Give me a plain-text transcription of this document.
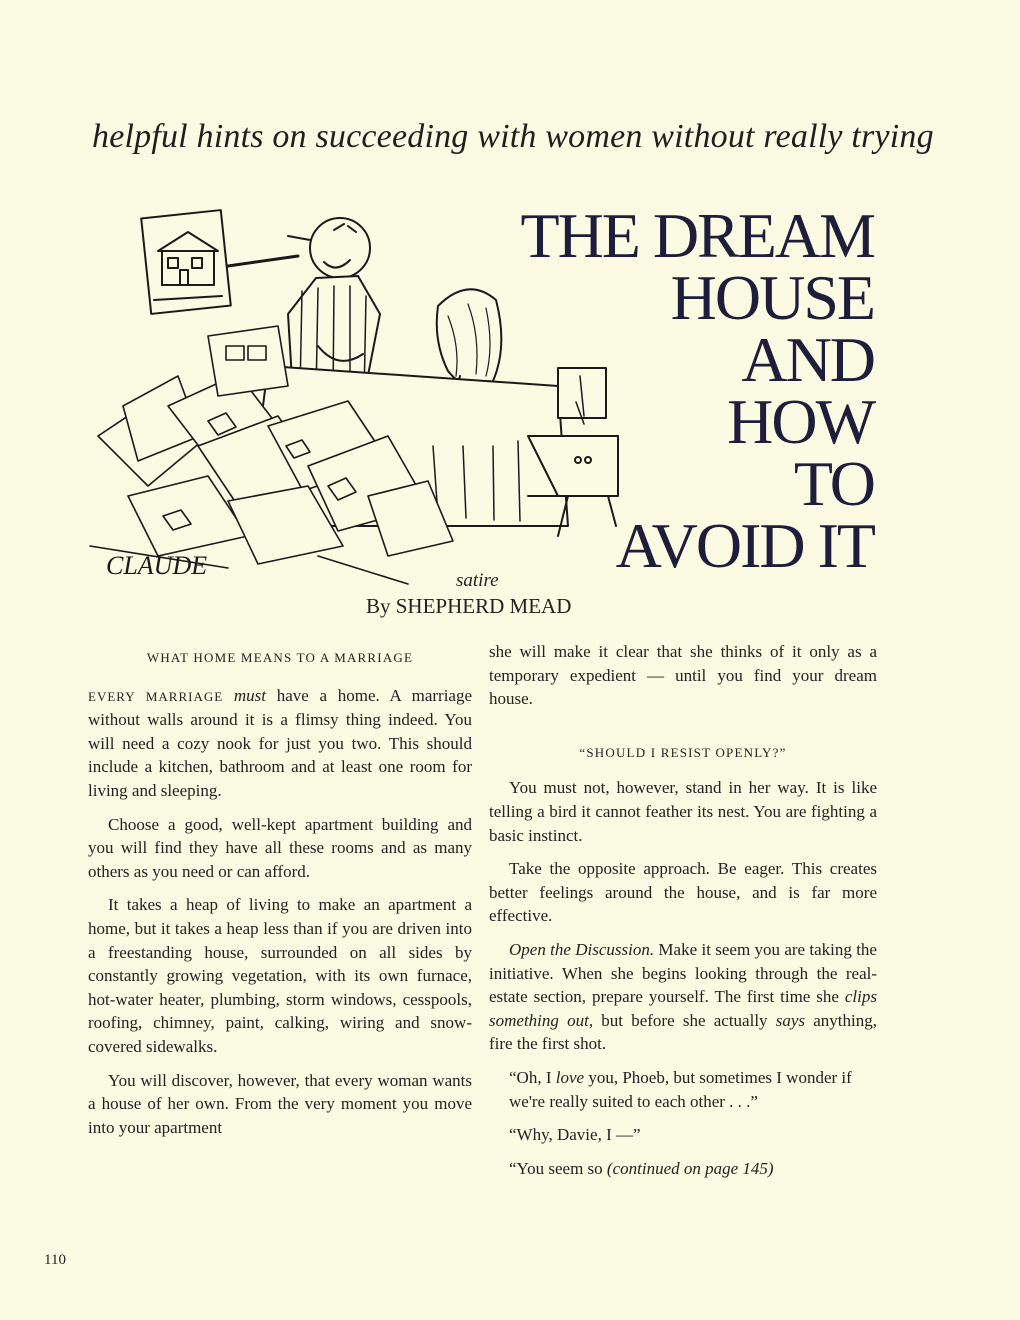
helpful hints on succeeding with women without really trying
CLAUDE
THE DREAM
HOUSE
AND
HOW
TO
AVOID IT
satire
By SHEPHERD MEAD
WHAT HOME MEANS TO A MARRIAGE

EVERY MARRIAGE must have a home. A marriage without walls around it is a flimsy thing indeed. You will need a cozy nook for just you two. This should include a kitchen, bathroom and at least one room for living and sleeping.

Choose a good, well-kept apartment building and you will find they have all these rooms and as many others as you need or can afford.

It takes a heap of living to make an apartment a home, but it takes a heap less than if you are driven into a freestanding house, surrounded on all sides by constantly growing vegetation, with its own furnace, hot-water heater, plumbing, storm windows, cesspools, roofing, chimney, paint, calking, wiring and snow-covered sidewalks.

You will discover, however, that every woman wants a house of her own. From the very moment you move into your apartment

she will make it clear that she thinks of it only as a temporary expedient — until you find your dream house.

“SHOULD I RESIST OPENLY?”

You must not, however, stand in her way. It is like telling a bird it cannot feather its nest. You are fighting a basic instinct.

Take the opposite approach. Be eager. This creates better feelings around the house, and is far more effective.

Open the Discussion. Make it seem you are taking the initiative. When she begins looking through the real-estate section, prepare yourself. The first time she clips something out, but before she actually says anything, fire the first shot.

“Oh, I love you, Phoeb, but sometimes I wonder if we're really suited to each other . . .”

“Why, Davie, I —”

“You seem so (continued on page 145)

110
